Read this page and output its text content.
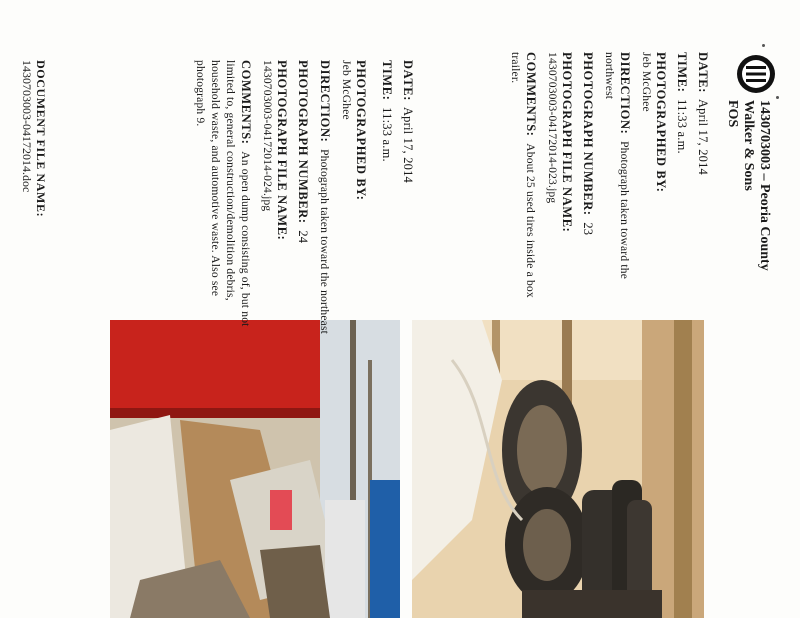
1430703003 – Peoria County
Walker & Sons
FOS

DATE:  April 17, 2014

TIME:  11:33 a.m.

PHOTOGRAPHED BY:

Jeb McGhee

DIRECTION:  Photograph taken toward the northwest

PHOTOGRAPH NUMBER:  23

PHOTOGRAPH FILE NAME:

1430703003-04172014-023.jpg

COMMENTS:  About 25 used tires inside a box trailer.

DATE:  April 17, 2014

TIME:  11:33 a.m.

PHOTOGRAPHED BY:

Jeb McGhee

DIRECTION:  Photograph taken toward the northeast

PHOTOGRAPH NUMBER:  24

PHOTOGRAPH FILE NAME:

1430703003-04172014-024.jpg

COMMENTS:  An open dump consisting of, but not limited to, general construction/demolition debris, household waste, and automotive waste. Also see photograph 9.

DOCUMENT FILE NAME:
1430703003-04172014.doc
